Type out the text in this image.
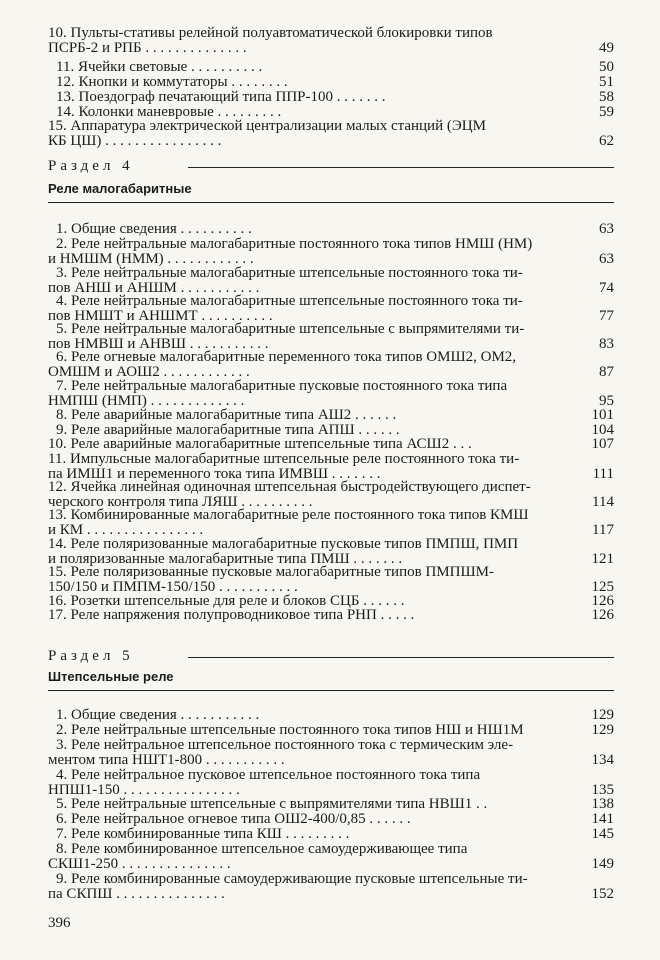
10. Пульты-стативы релейной полуавтоматической блокировки типов
ПСРБ-2 и РПБ . . . . . . . . . . . . . .	49
11. Ячейки световые . . . . . . . . . .	50
12. Кнопки и коммутаторы . . . . . . . .	51
13. Поездограф печатающий типа ППР-100 . . . . . . .	58
14. Колонки маневровые . . . . . . . . .	59
15. Аппаратура электрической централизации малых станций (ЭЦМ
КБ ЦШ) . . . . . . . . . . . . . . . .	62
Раздел 4
Реле малогабаритные
1. Общие сведения . . . . . . . . . .	63
2. Реле нейтральные малогабаритные постоянного тока типов НМШ (НМ)
и НМШМ (НММ) . . . . . . . . . . . .	63
3. Реле нейтральные малогабаритные штепсельные постоянного тока ти-
пов АНШ и АНШМ . . . . . . . . . . .	74
4. Реле нейтральные малогабаритные штепсельные постоянного тока ти-
пов НМШТ и АНШМТ . . . . . . . . . .	77
5. Реле нейтральные малогабаритные штепсельные с выпрямителями ти-
пов НМВШ и АНВШ . . . . . . . . . . .	83
6. Реле огневые малогабаритные переменного тока типов ОМШ2, ОМ2,
ОМШМ и АОШ2 . . . . . . . . . . . .	87
7. Реле нейтральные малогабаритные пусковые постоянного тока типа
НМПШ (НМП) . . . . . . . . . . . . .	95
8. Реле аварийные малогабаритные типа АШ2 . . . . . .	101
9. Реле аварийные малогабаритные типа АПШ . . . . . .	104
10. Реле аварийные малогабаритные штепсельные типа АСШ2 . . .	107
11. Импульсные малогабаритные штепсельные реле постоянного тока ти-
па ИМШ1 и переменного тока типа ИМВШ . . . . . . .	111
12. Ячейка линейная одиночная штепсельная быстродействующего диспет-
черского контроля типа ЛЯШ . . . . . . . . . .	114
13. Комбинированные малогабаритные реле постоянного тока типов КМШ
и КМ . . . . . . . . . . . . . . . .	117
14. Реле поляризованные малогабаритные пусковые типов ПМПШ, ПМП
и поляризованные малогабаритные типа ПМШ . . . . . . .	121
15. Реле поляризованные пусковые малогабаритные типов ПМПШМ-
150/150 и ПМПМ-150/150 . . . . . . . . . . .	125
16. Розетки штепсельные для реле и блоков СЦБ . . . . . .	126
17. Реле напряжения полупроводниковое типа РНП . . . . .	126
Раздел 5
Штепсельные реле
1. Общие сведения . . . . . . . . . . .	129
2. Реле нейтральные штепсельные постоянного тока типов НШ и НШ1М	129
3. Реле нейтральное штепсельное постоянного тока с термическим эле-
ментом типа НШТ1-800 . . . . . . . . . . .	134
4. Реле нейтральное пусковое штепсельное постоянного тока типа
НПШ1-150 . . . . . . . . . . . . . . . .	135
5. Реле нейтральные штепсельные с выпрямителями типа НВШ1 . .	138
6. Реле нейтральное огневое типа ОШ2-400/0,85 . . . . . .	141
7. Реле комбинированные типа КШ . . . . . . . . .	145
8. Реле комбинированное штепсельное самоудерживающее типа
СКШ1-250 . . . . . . . . . . . . . . .	149
9. Реле комбинированные самоудерживающие пусковые штепсельные ти-
па СКПШ . . . . . . . . . . . . . . .	152
396
